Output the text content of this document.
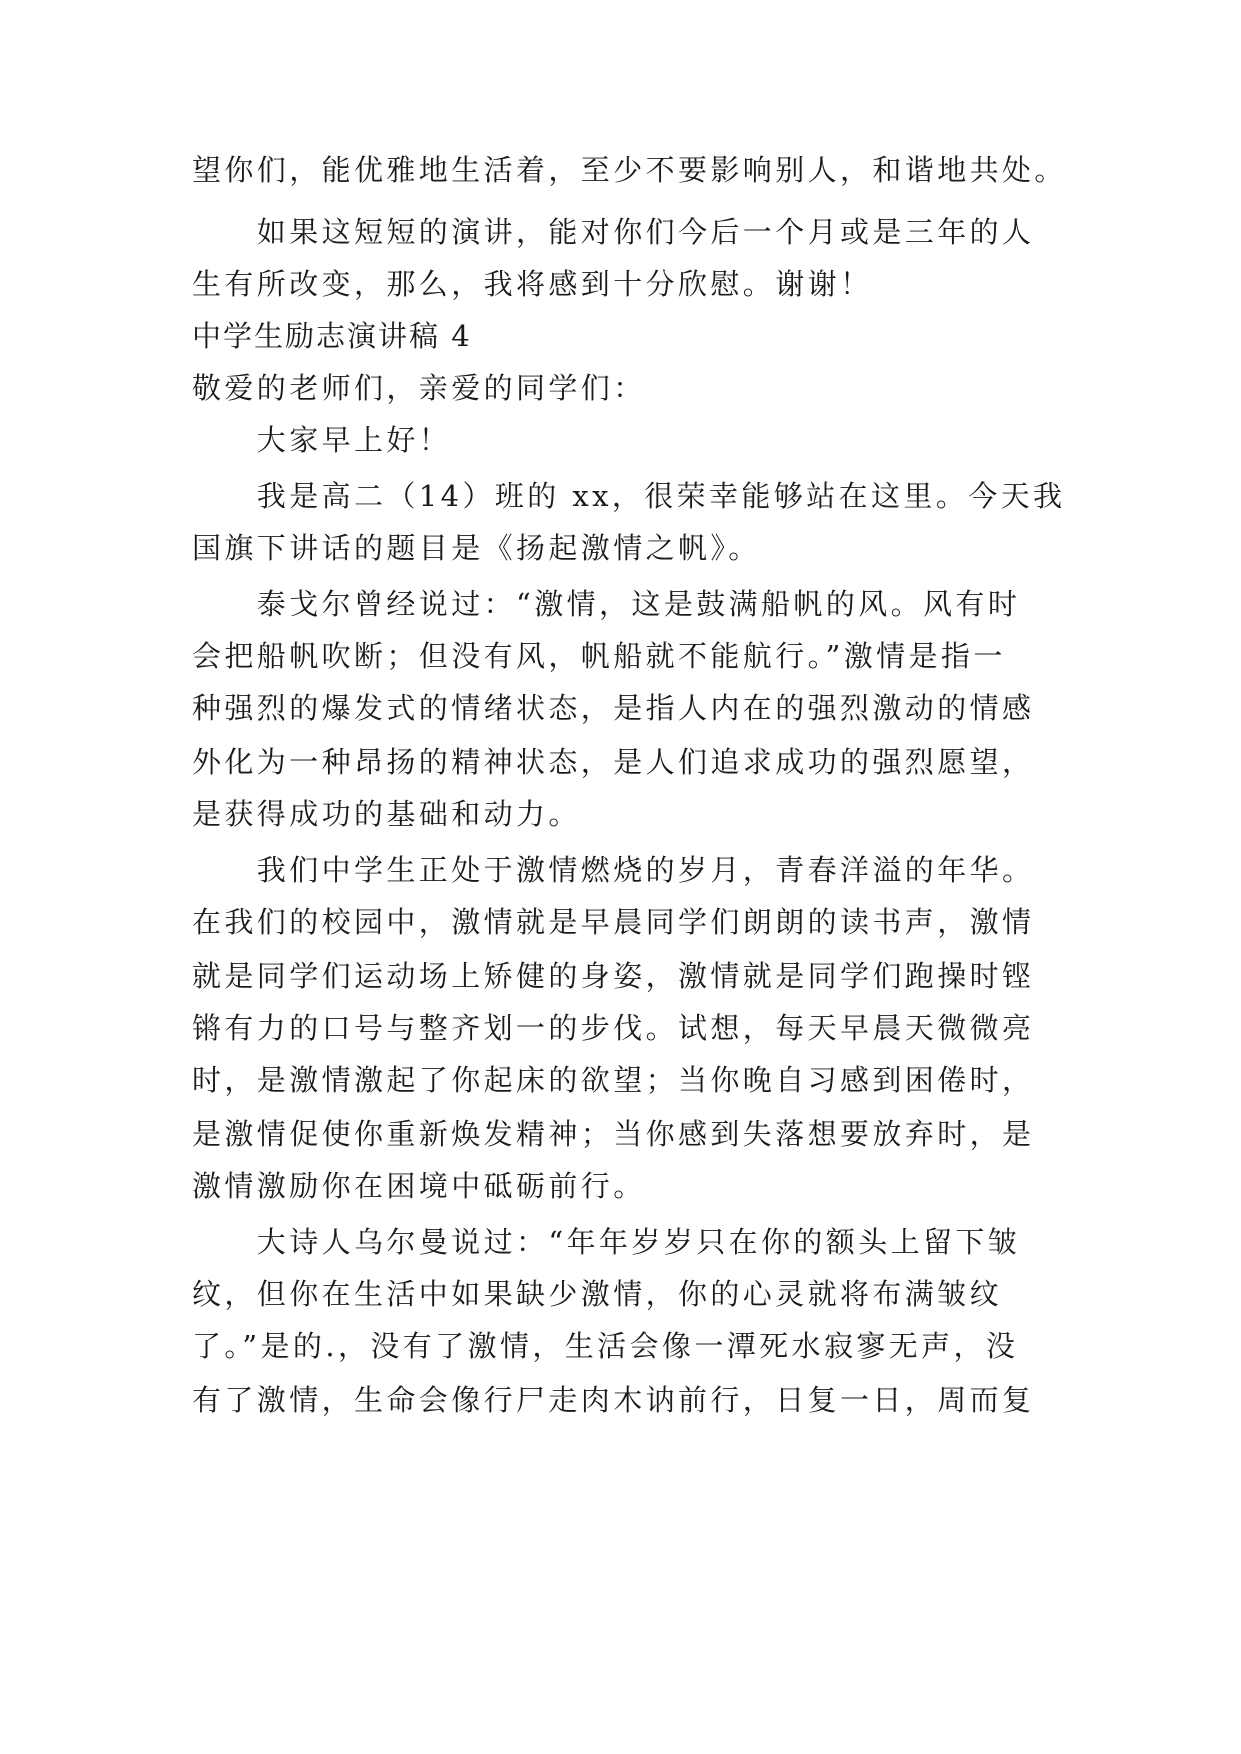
望你们，能优雅地生活着，至少不要影响别人，和谐地共处。
　　如果这短短的演讲，能对你们今后一个月或是三年的人
生有所改变，那么，我将感到十分欣慰。谢谢！
中学生励志演讲稿 4
敬爱的老师们，亲爱的同学们：
　　大家早上好！
　　我是高二（14）班的 xx，很荣幸能够站在这里。今天我
国旗下讲话的题目是《扬起激情之帆》。
　　泰戈尔曾经说过：“激情，这是鼓满船帆的风。风有时
会把船帆吹断；但没有风，帆船就不能航行。”激情是指一
种强烈的爆发式的情绪状态，是指人内在的强烈激动的情感
外化为一种昂扬的精神状态，是人们追求成功的强烈愿望，
是获得成功的基础和动力。
　　我们中学生正处于激情燃烧的岁月，青春洋溢的年华。
在我们的校园中，激情就是早晨同学们朗朗的读书声，激情
就是同学们运动场上矫健的身姿，激情就是同学们跑操时铿
锵有力的口号与整齐划一的步伐。试想，每天早晨天微微亮
时，是激情激起了你起床的欲望；当你晚自习感到困倦时，
是激情促使你重新焕发精神；当你感到失落想要放弃时，是
激情激励你在困境中砥砺前行。
　　大诗人乌尔曼说过：“年年岁岁只在你的额头上留下皱
纹，但你在生活中如果缺少激情，你的心灵就将布满皱纹
了。”是的.，没有了激情，生活会像一潭死水寂寥无声，没
有了激情，生命会像行尸走肉木讷前行，日复一日，周而复
